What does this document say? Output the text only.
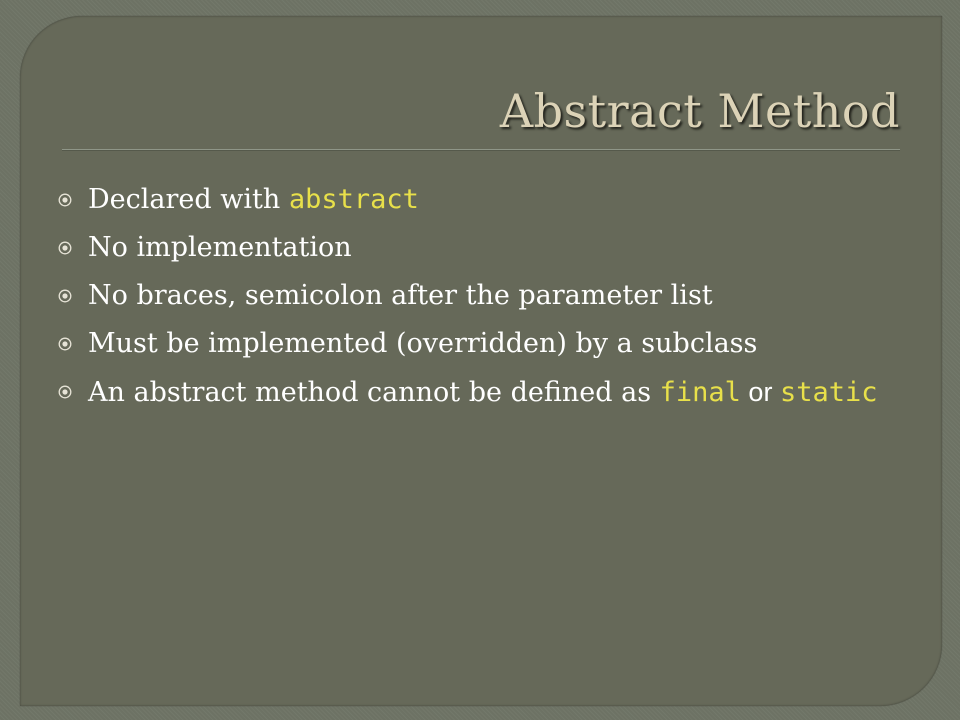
Abstract Method
Declared with abstract
No implementation
No braces, semicolon after the parameter list
Must be implemented (overridden) by a subclass
An abstract method cannot be defined as final or static
